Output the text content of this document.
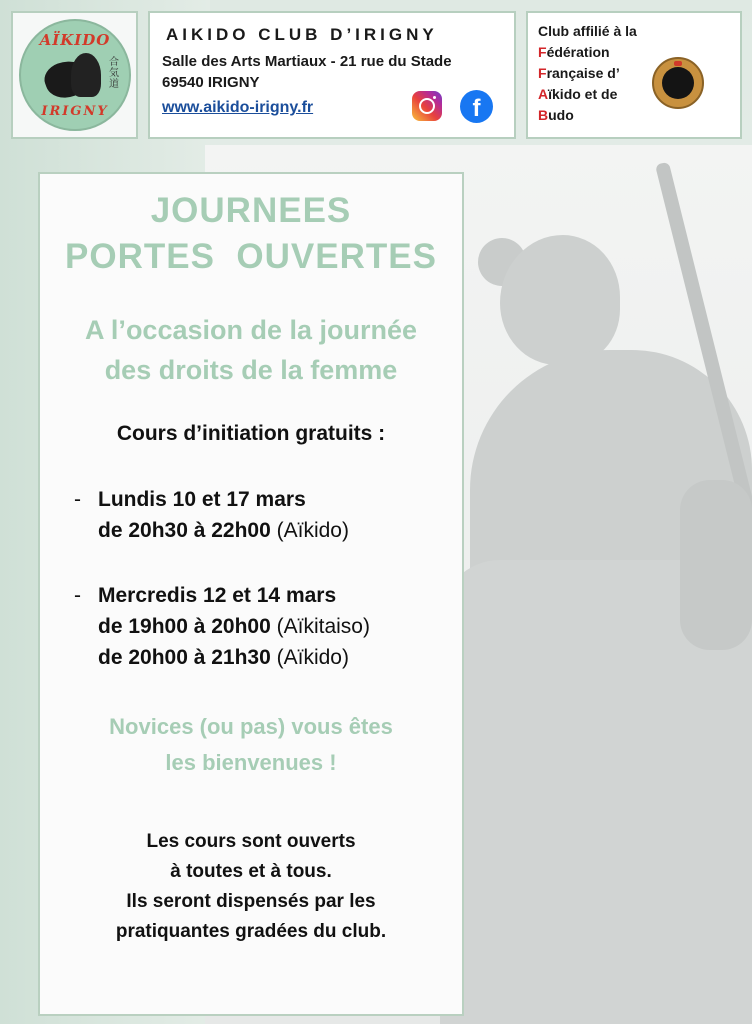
AÏKIDO
合気道
IRIGNY
AIKIDO CLUB D’IRIGNY
Salle des Arts Martiaux - 21 rue du Stade
69540 IRIGNY
www.aikido-irigny.fr	f
Club affilié à la
Fédération
Française d’
Aïkido et de
Budo
JOURNEES
PORTES  OUVERTES
A l’occasion de la journée
des droits de la femme
Cours d’initiation gratuits :
- Lundis 10 et 17 mars
de 20h30 à 22h00 (Aïkido)
- Mercredis 12 et 14 mars
de 19h00 à 20h00 (Aïkitaiso)
de 20h00 à 21h30 (Aïkido)
Novices (ou pas) vous êtes
les bienvenues !
Les cours sont ouverts
à toutes et à tous.
Ils seront dispensés par les
pratiquantes gradées du club.
